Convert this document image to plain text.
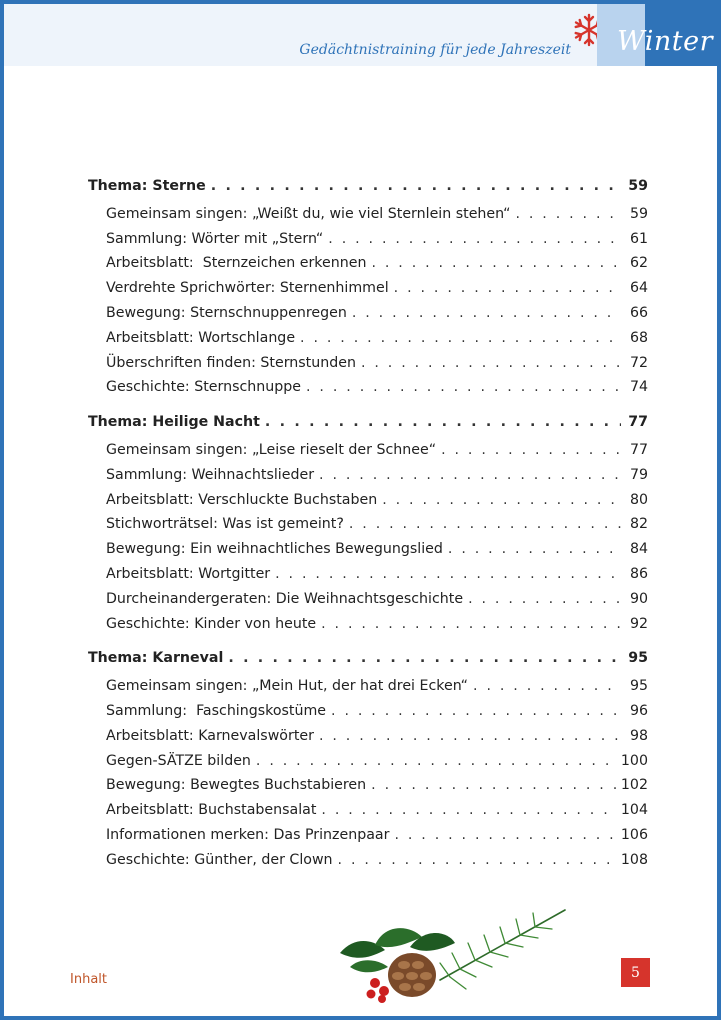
Gedächtnistraining für jede Jahreszeit Winter
Thema: Sterne . . .	59
Gemeinsam singen: „Weißt du, wie viel Sternlein stehen“ . . .	59
Sammlung: Wörter mit „Stern“ . . .	61
Arbeitsblatt:  Sternzeichen erkennen . . .	62
Verdrehte Sprichwörter: Sternenhimmel . . .	64
Bewegung: Sternschnuppenregen . . .	66
Arbeitsblatt: Wortschlange . . .	68
Überschriften finden: Sternstunden . . .	72
Geschichte: Sternschnuppe . . .	74
Thema: Heilige Nacht . . .	77
Gemeinsam singen: „Leise rieselt der Schnee“ . . .	77
Sammlung: Weihnachtslieder . . .	79
Arbeitsblatt: Verschluckte Buchstaben . . .	80
Stichworträtsel: Was ist gemeint? . . .	82
Bewegung: Ein weihnachtliches Bewegungslied . . .	84
Arbeitsblatt: Wortgitter . . .	86
Durcheinandergeraten: Die Weihnachtsgeschichte . . .	90
Geschichte: Kinder von heute . . .	92
Thema: Karneval . . .	95
Gemeinsam singen: „Mein Hut, der hat drei Ecken“ . . .	95
Sammlung:  Faschingskostüme . . .	96
Arbeitsblatt: Karnevalswörter . . .	98
Gegen-SÄTZE bilden . . .	100
Bewegung: Bewegtes Buchstabieren . . .	102
Arbeitsblatt: Buchstabensalat . . .	104
Informationen merken: Das Prinzenpaar . . .	106
Geschichte: Günther, der Clown . . .	108
Inhalt	5
